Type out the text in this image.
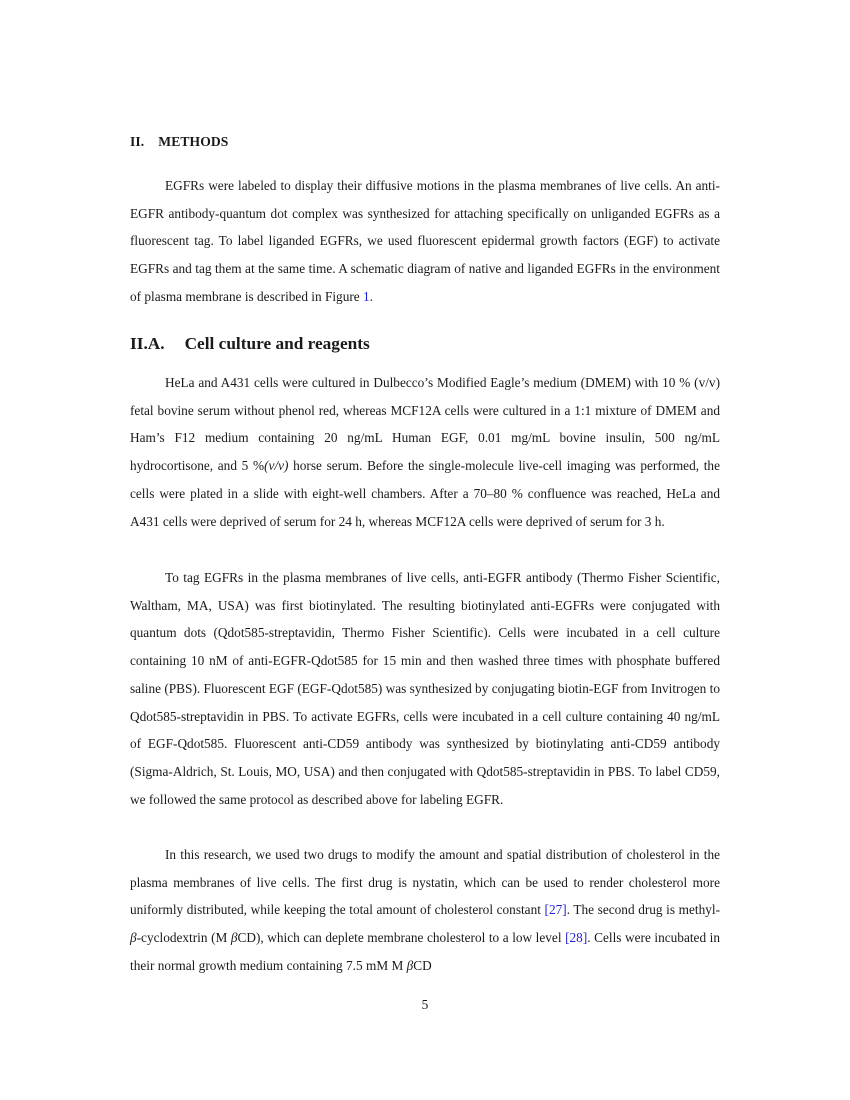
II. METHODS

EGFRs were labeled to display their diffusive motions in the plasma membranes of live cells. An anti-EGFR antibody-quantum dot complex was synthesized for attaching specifically on unliganded EGFRs as a fluorescent tag. To label liganded EGFRs, we used fluorescent epidermal growth factors (EGF) to activate EGFRs and tag them at the same time. A schematic diagram of native and liganded EGFRs in the environment of plasma membrane is described in Figure 1.

II.A. Cell culture and reagents

HeLa and A431 cells were cultured in Dulbecco’s Modified Eagle’s medium (DMEM) with 10 % (v/v) fetal bovine serum without phenol red, whereas MCF12A cells were cultured in a 1:1 mixture of DMEM and Ham’s F12 medium containing 20 ng/mL Human EGF, 0.01 mg/mL bovine insulin, 500 ng/mL hydrocortisone, and 5 %(v/v) horse serum. Before the single-molecule live-cell imaging was performed, the cells were plated in a slide with eight-well chambers. After a 70–80 % confluence was reached, HeLa and A431 cells were deprived of serum for 24 h, whereas MCF12A cells were deprived of serum for 3 h.

To tag EGFRs in the plasma membranes of live cells, anti-EGFR antibody (Thermo Fisher Scientific, Waltham, MA, USA) was first biotinylated. The resulting biotinylated anti-EGFRs were conjugated with quantum dots (Qdot585-streptavidin, Thermo Fisher Scientific). Cells were incubated in a cell culture containing 10 nM of anti-EGFR-Qdot585 for 15 min and then washed three times with phosphate buffered saline (PBS). Fluorescent EGF (EGF-Qdot585) was synthesized by conjugating biotin-EGF from Invitrogen to Qdot585-streptavidin in PBS. To activate EGFRs, cells were incubated in a cell culture containing 40 ng/mL of EGF-Qdot585. Fluorescent anti-CD59 antibody was synthesized by biotinylating anti-CD59 antibody (Sigma-Aldrich, St. Louis, MO, USA) and then conjugated with Qdot585-streptavidin in PBS. To label CD59, we followed the same protocol as described above for labeling EGFR.

In this research, we used two drugs to modify the amount and spatial distribution of cholesterol in the plasma membranes of live cells. The first drug is nystatin, which can be used to render cholesterol more uniformly distributed, while keeping the total amount of cholesterol constant [27]. The second drug is methyl- β-cyclodextrin (M βCD), which can deplete membrane cholesterol to a low level [28]. Cells were incubated in their normal growth medium containing 7.5 mM M βCD

5
